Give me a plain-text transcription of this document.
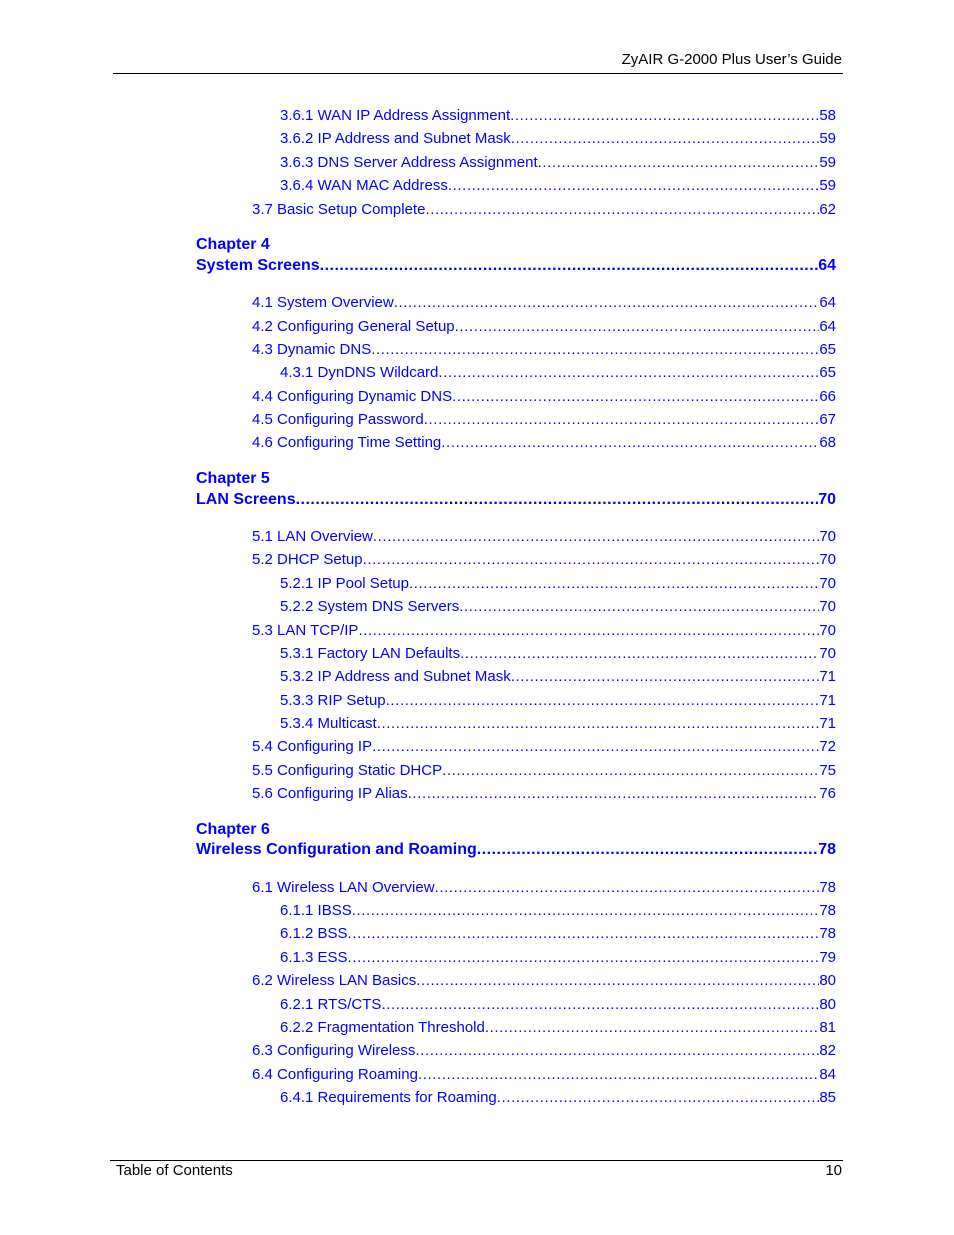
ZyAIR G-2000 Plus User’s Guide
3.6.1 WAN IP Address Assignment .....	58
3.6.2 IP Address and Subnet Mask .....	59
3.6.3 DNS Server Address Assignment .....	59
3.6.4 WAN MAC Address .....	59
3.7 Basic Setup Complete .....	62
Chapter 4
System Screens .....	64
4.1 System Overview .....	64
4.2 Configuring General Setup .....	64
4.3 Dynamic DNS .....	65
4.3.1 DynDNS Wildcard .....	65
4.4 Configuring Dynamic DNS .....	66
4.5 Configuring Password .....	67
4.6 Configuring Time Setting .....	68
Chapter 5
LAN Screens .....	70
5.1 LAN Overview .....	70
5.2 DHCP Setup .....	70
5.2.1 IP Pool Setup .....	70
5.2.2 System DNS Servers .....	70
5.3 LAN TCP/IP .....	70
5.3.1 Factory LAN Defaults .....	70
5.3.2 IP Address and Subnet Mask .....	71
5.3.3 RIP Setup .....	71
5.3.4 Multicast .....	71
5.4 Configuring IP .....	72
5.5 Configuring Static DHCP .....	75
5.6 Configuring IP Alias .....	76
Chapter 6
Wireless Configuration and Roaming .....	78
6.1 Wireless LAN Overview .....	78
6.1.1 IBSS .....	78
6.1.2 BSS .....	78
6.1.3 ESS .....	79
6.2 Wireless LAN Basics .....	80
6.2.1 RTS/CTS .....	80
6.2.2 Fragmentation Threshold .....	81
6.3 Configuring Wireless .....	82
6.4 Configuring Roaming .....	84
6.4.1 Requirements for Roaming .....	85
Table of Contents	10
